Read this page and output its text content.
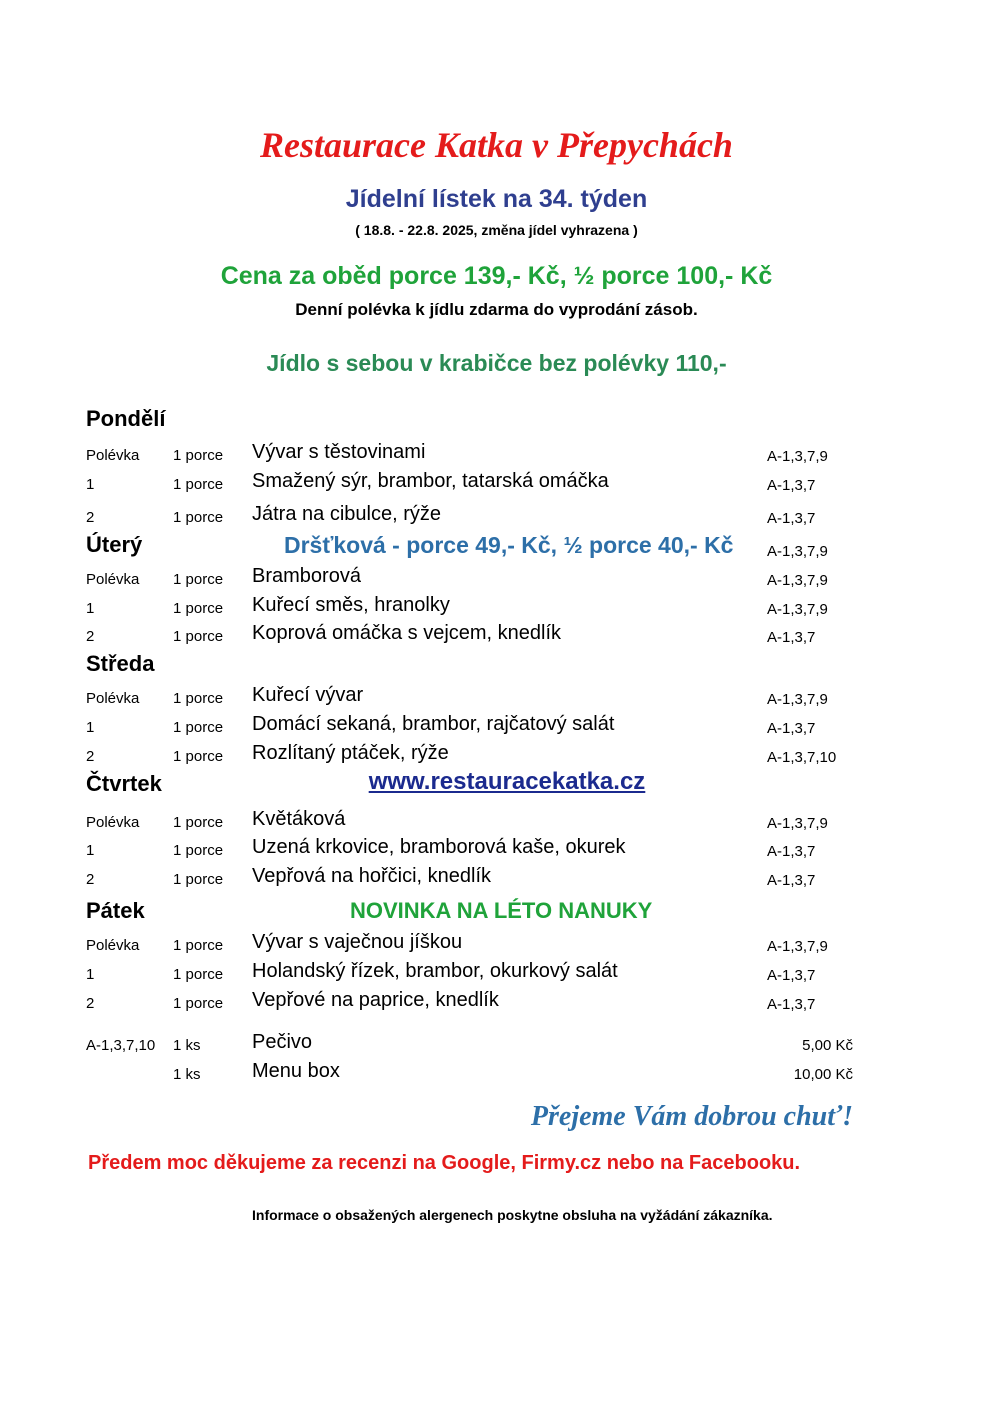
Restaurace Katka v Přepychách
Jídelní lístek na 34. týden
( 18.8. - 22.8. 2025, změna jídel vyhrazena )
Cena za oběd porce 139,- Kč, ½ porce 100,- Kč
Denní polévka k jídlu zdarma do vyprodání zásob.
Jídlo s sebou v krabičce bez polévky 110,-
Pondělí
Polévka 1 porce Vývar s těstovinami	A-1,3,7,9
1	1 porce Smažený sýr, brambor, tatarská omáčka	A-1,3,7
2	1 porce Játra na cibulce, rýže	A-1,3,7
Úterý	Dršťková - porce 49,- Kč, ½ porce 40,- Kč A-1,3,7,9
Polévka 1 porce Bramborová	A-1,3,7,9
1	1 porce Kuřecí směs, hranolky	A-1,3,7,9
2	1 porce Koprová omáčka s vejcem, knedlík	A-1,3,7
Středa
Polévka 1 porce Kuřecí vývar	A-1,3,7,9
1	1 porce Domácí sekaná, brambor, rajčatový salát	A-1,3,7
2	1 porce Rozlítaný ptáček, rýže	A-1,3,7,10
Čtvrtek	www.restauracekatka.cz
Polévka 1 porce Květáková	A-1,3,7,9
1	1 porce Uzená krkovice, bramborová kaše, okurek	A-1,3,7
2	1 porce Vepřová na hořčici, knedlík	A-1,3,7
Pátek	NOVINKA NA LÉTO NANUKY
Polévka 1 porce Vývar s vaječnou jíškou	A-1,3,7,9
1	1 porce Holandský řízek, brambor, okurkový salát	A-1,3,7
2	1 porce Vepřové na paprice, knedlík	A-1,3,7
A-1,3,7,10 1 ks	Pečivo	5,00 Kč
1 ks	Menu box	10,00 Kč
Přejeme Vám dobrou chuť!
Předem moc děkujeme za recenzi na Google, Firmy.cz nebo na Facebooku.
Informace o obsažených alergenech poskytne obsluha na vyžádání zákazníka.
